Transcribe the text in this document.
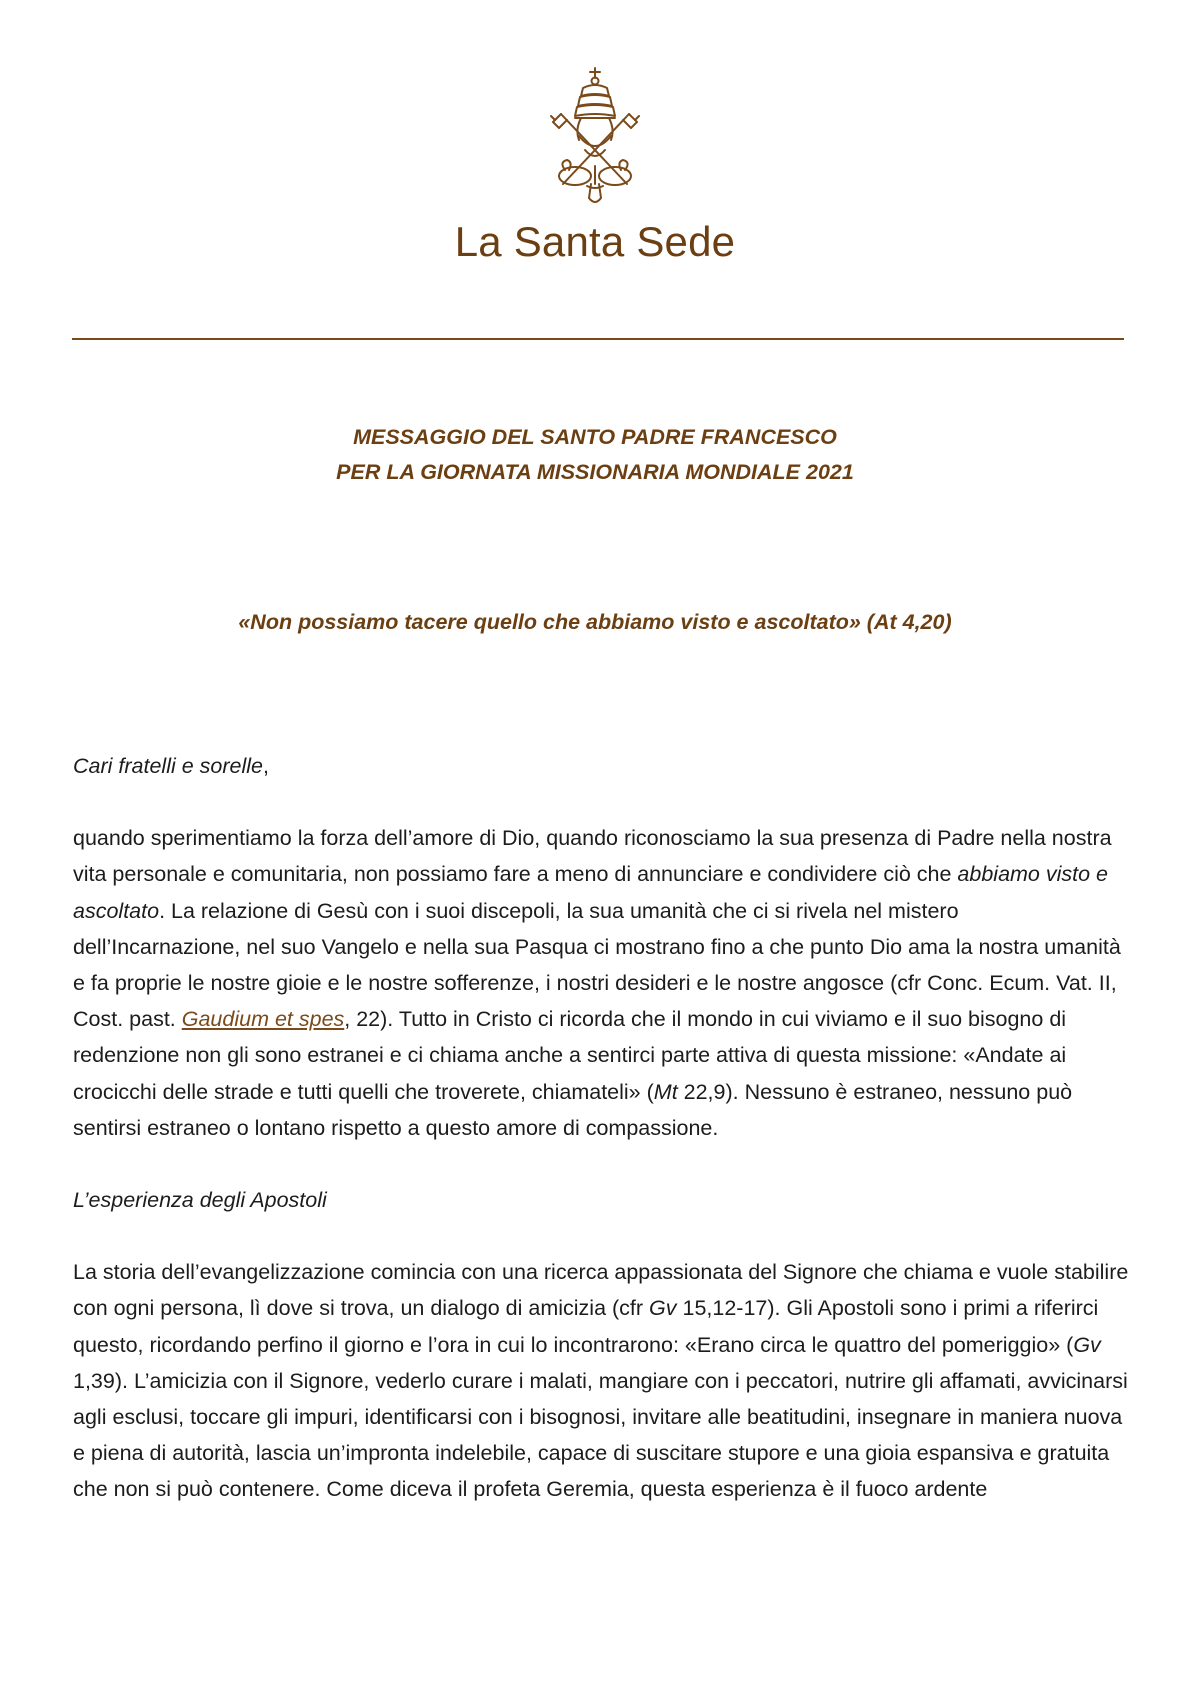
La Santa Sede
MESSAGGIO DEL SANTO PADRE FRANCESCO
PER LA GIORNATA MISSIONARIA MONDIALE 2021
«Non possiamo tacere quello che abbiamo visto e ascoltato» (At 4,20)

Cari fratelli e sorelle,

quando sperimentiamo la forza dell’amore di Dio, quando riconosciamo la sua presenza di Padre nella nostra vita personale e comunitaria, non possiamo fare a meno di annunciare e condividere ciò che abbiamo visto e ascoltato. La relazione di Gesù con i suoi discepoli, la sua umanità che ci si rivela nel mistero dell’Incarnazione, nel suo Vangelo e nella sua Pasqua ci mostrano fino a che punto Dio ama la nostra umanità e fa proprie le nostre gioie e le nostre sofferenze, i nostri desideri e le nostre angosce (cfr Conc. Ecum. Vat. II, Cost. past. Gaudium et spes, 22). Tutto in Cristo ci ricorda che il mondo in cui viviamo e il suo bisogno di redenzione non gli sono estranei e ci chiama anche a sentirci parte attiva di questa missione: «Andate ai crocicchi delle strade e tutti quelli che troverete, chiamateli» (Mt 22,9). Nessuno è estraneo, nessuno può sentirsi estraneo o lontano rispetto a questo amore di compassione.

L’esperienza degli Apostoli

La storia dell’evangelizzazione comincia con una ricerca appassionata del Signore che chiama e vuole stabilire con ogni persona, lì dove si trova, un dialogo di amicizia (cfr Gv 15,12-17). Gli Apostoli sono i primi a riferirci questo, ricordando perfino il giorno e l’ora in cui lo incontrarono: «Erano circa le quattro del pomeriggio» (Gv 1,39). L’amicizia con il Signore, vederlo curare i malati, mangiare con i peccatori, nutrire gli affamati, avvicinarsi agli esclusi, toccare gli impuri, identificarsi con i bisognosi, invitare alle beatitudini, insegnare in maniera nuova e piena di autorità, lascia un’impronta indelebile, capace di suscitare stupore e una gioia espansiva e gratuita che non si può contenere. Come diceva il profeta Geremia, questa esperienza è il fuoco ardente
